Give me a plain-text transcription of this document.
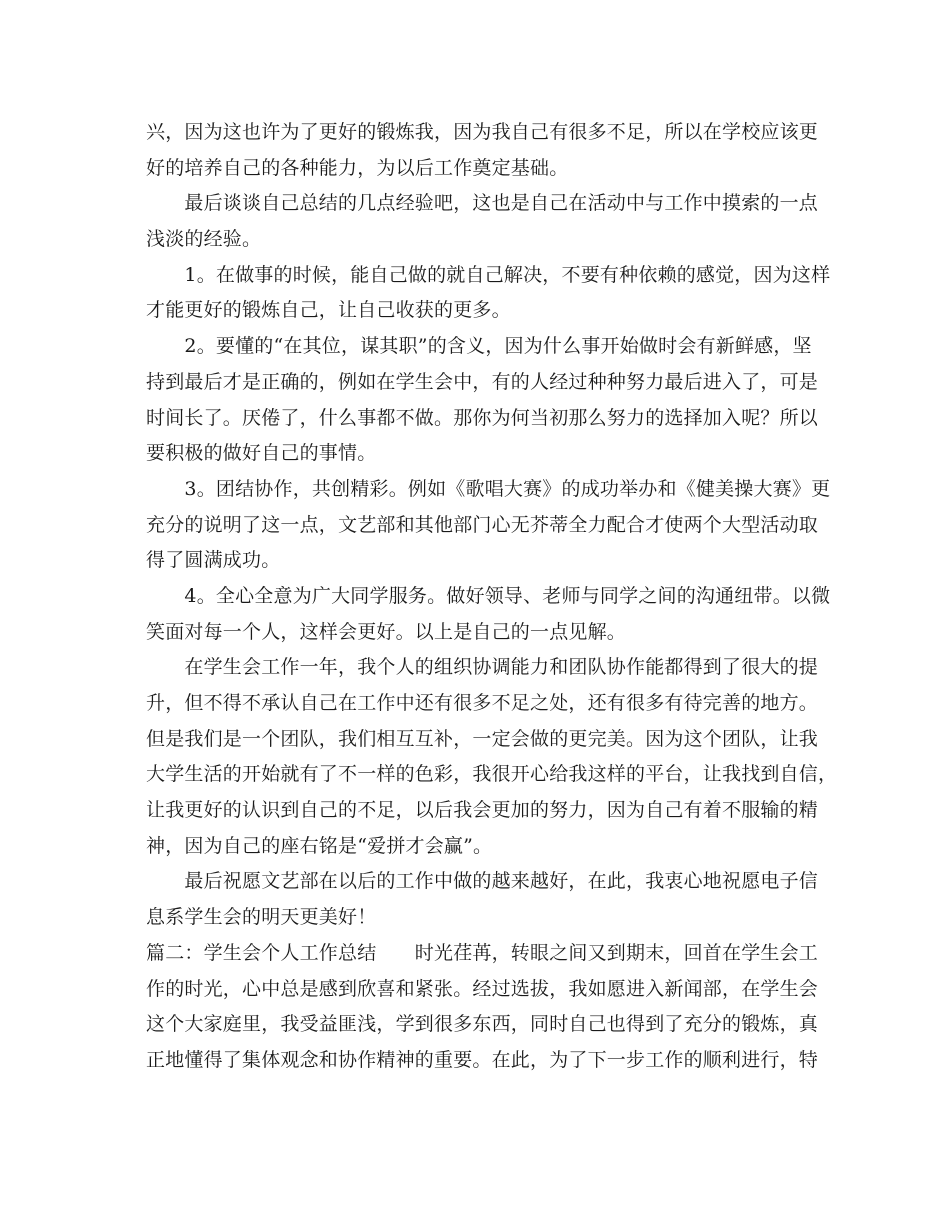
兴，因为这也许为了更好的锻炼我，因为我自己有很多不足，所以在学校应该更
好的培养自己的各种能力，为以后工作奠定基础。
　　最后谈谈自己总结的几点经验吧，这也是自己在活动中与工作中摸索的一点
浅淡的经验。
　　1。在做事的时候，能自己做的就自己解决，不要有种依赖的感觉，因为这样
才能更好的锻炼自己，让自己收获的更多。
　　2。要懂的“在其位，谋其职”的含义，因为什么事开始做时会有新鲜感，坚
持到最后才是正确的，例如在学生会中，有的人经过种种努力最后进入了，可是
时间长了。厌倦了，什么事都不做。那你为何当初那么努力的选择加入呢？所以
要积极的做好自己的事情。
　　3。团结协作，共创精彩。例如《歌唱大赛》的成功举办和《健美操大赛》更
充分的说明了这一点，文艺部和其他部门心无芥蒂全力配合才使两个大型活动取
得了圆满成功。
　　4。全心全意为广大同学服务。做好领导、老师与同学之间的沟通纽带。以微
笑面对每一个人，这样会更好。以上是自己的一点见解。
　　在学生会工作一年，我个人的组织协调能力和团队协作能都得到了很大的提
升，但不得不承认自己在工作中还有很多不足之处，还有很多有待完善的地方。
但是我们是一个团队，我们相互互补，一定会做的更完美。因为这个团队，让我
大学生活的开始就有了不一样的色彩，我很开心给我这样的平台，让我找到自信，
让我更好的认识到自己的不足，以后我会更加的努力，因为自己有着不服输的精
神，因为自己的座右铭是“爱拼才会赢”。
　　最后祝愿文艺部在以后的工作中做的越来越好，在此，我衷心地祝愿电子信
息系学生会的明天更美好！
篇二：学生会个人工作总结　　时光荏苒，转眼之间又到期末，回首在学生会工
作的时光，心中总是感到欣喜和紧张。经过选拔，我如愿进入新闻部，在学生会
这个大家庭里，我受益匪浅，学到很多东西，同时自己也得到了充分的锻炼，真
正地懂得了集体观念和协作精神的重要。在此，为了下一步工作的顺利进行，特
